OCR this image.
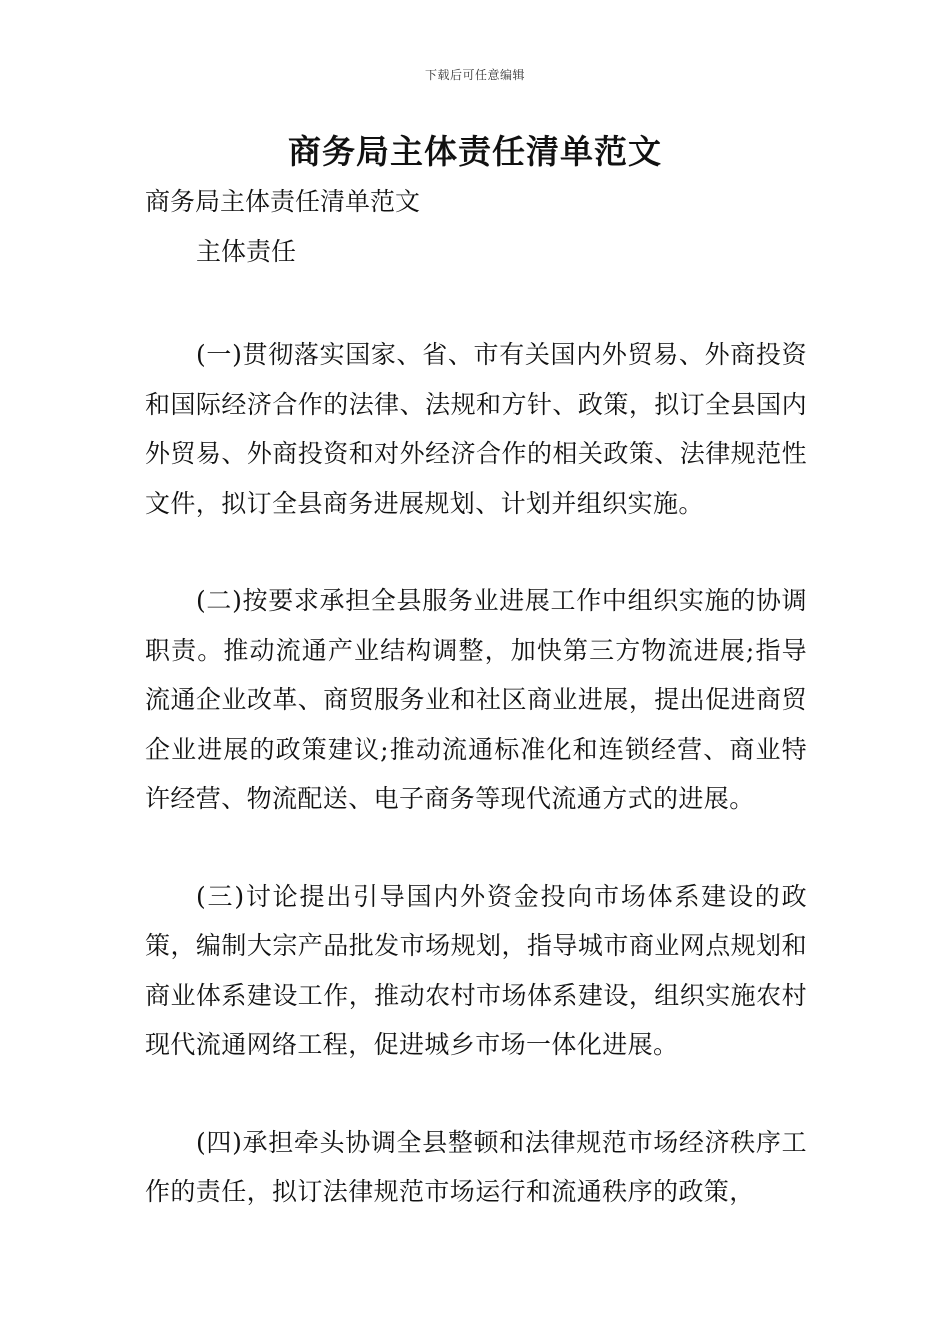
下载后可任意编辑
商务局主体责任清单范文

商务局主体责任清单范文

主体责任

(一)贯彻落实国家、省、市有关国内外贸易、外商投资和国际经济合作的法律、法规和方针、政策，拟订全县国内外贸易、外商投资和对外经济合作的相关政策、法律规范性文件，拟订全县商务进展规划、计划并组织实施。

(二)按要求承担全县服务业进展工作中组织实施的协调职责。推动流通产业结构调整，加快第三方物流进展;指导流通企业改革、商贸服务业和社区商业进展，提出促进商贸企业进展的政策建议;推动流通标准化和连锁经营、商业特许经营、物流配送、电子商务等现代流通方式的进展。

(三)讨论提出引导国内外资金投向市场体系建设的政策，编制大宗产品批发市场规划，指导城市商业网点规划和商业体系建设工作，推动农村市场体系建设，组织实施农村现代流通网络工程，促进城乡市场一体化进展。

(四)承担牵头协调全县整顿和法律规范市场经济秩序工作的责任，拟订法律规范市场运行和流通秩序的政策，
